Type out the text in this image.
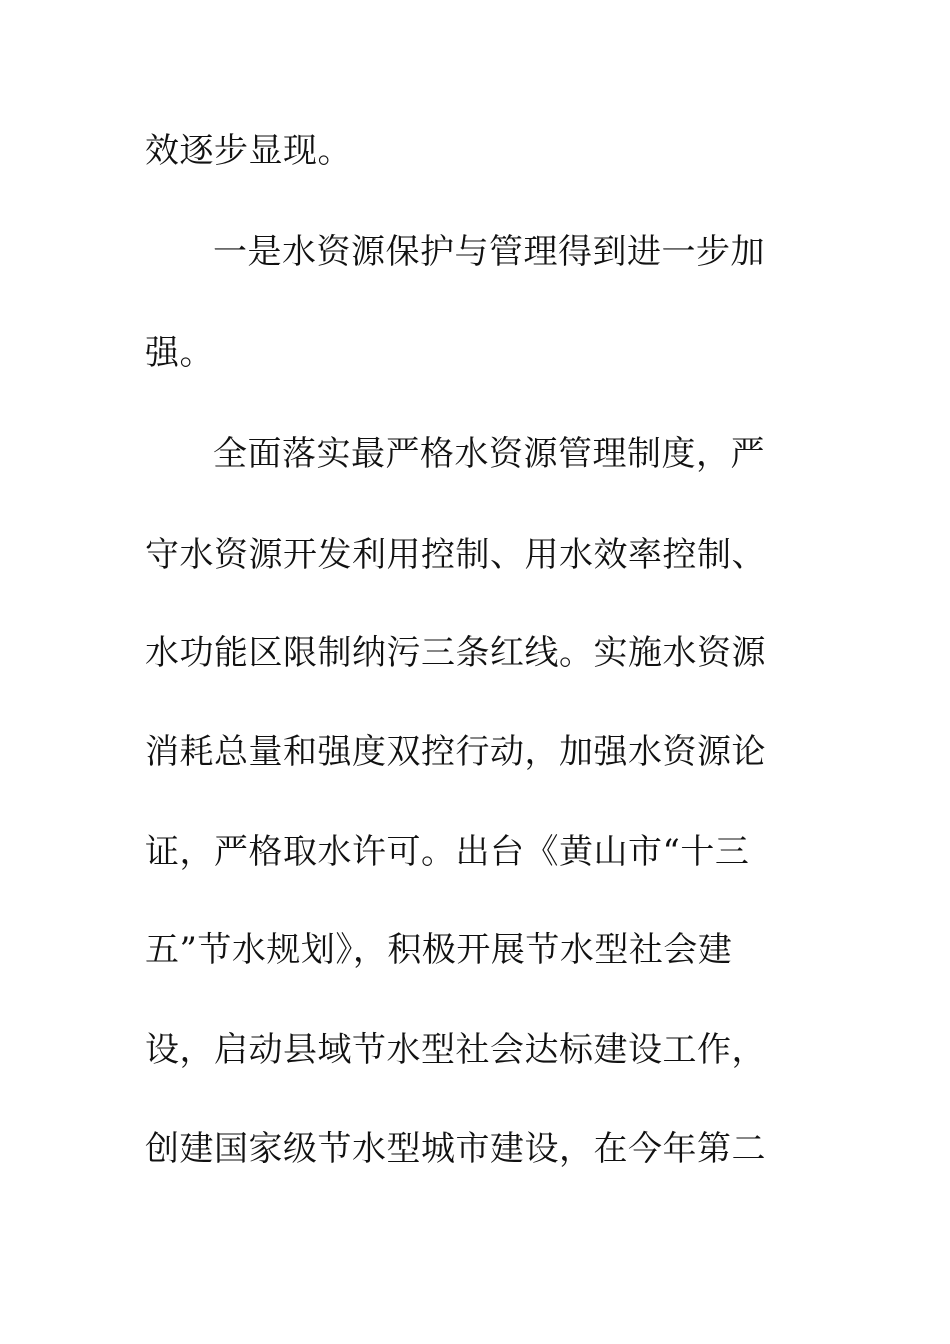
效逐步显现。
一是水资源保护与管理得到进一步加
强。
全面落实最严格水资源管理制度，严
守水资源开发利用控制、用水效率控制、
水功能区限制纳污三条红线。实施水资源
消耗总量和强度双控行动，加强水资源论
证，严格取水许可。出台《黄山市“十三
五”节水规划》，积极开展节水型社会建
设，启动县域节水型社会达标建设工作，
创建国家级节水型城市建设，在今年第二
